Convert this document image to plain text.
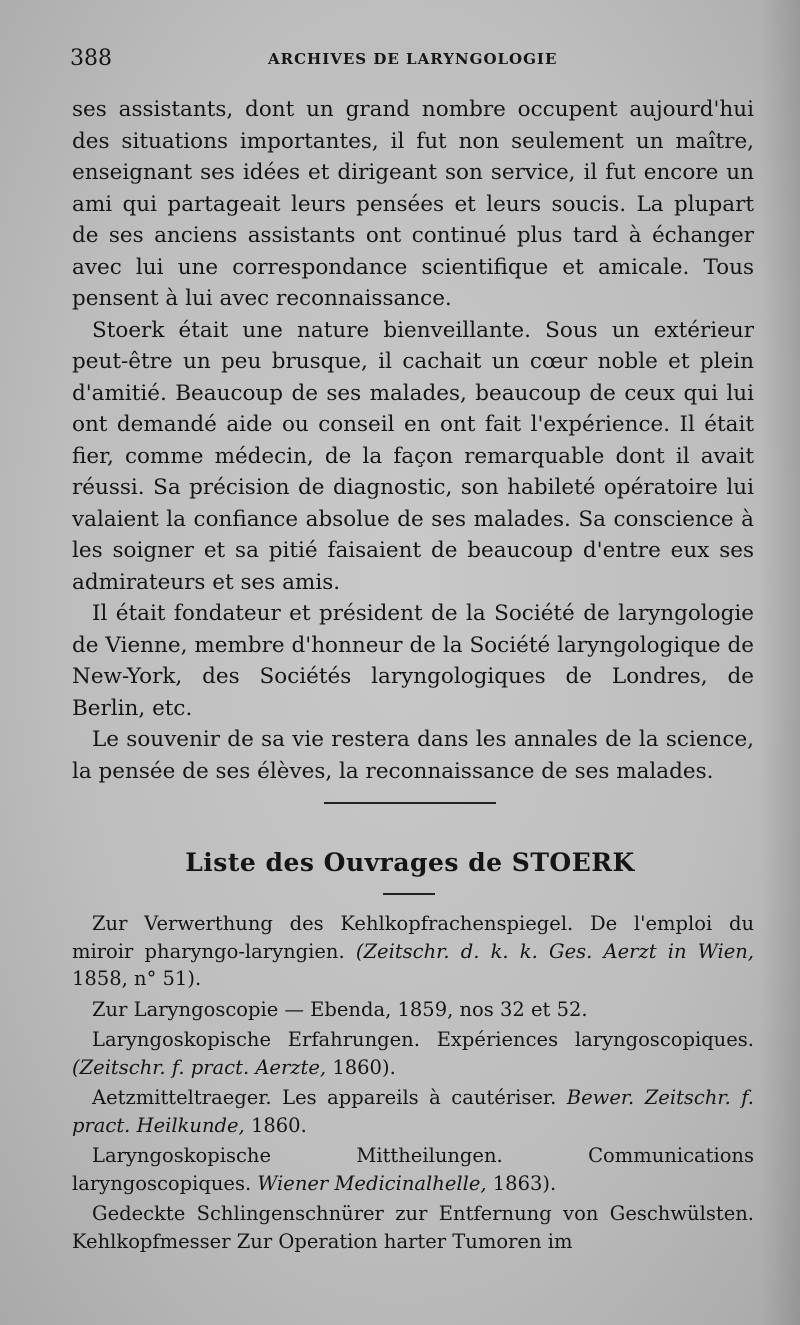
388	ARCHIVES DE LARYNGOLOGIE

ses assistants, dont un grand nombre occupent aujourd'hui des situations importantes, il fut non seulement un maître, enseignant ses idées et dirigeant son service, il fut encore un ami qui partageait leurs pensées et leurs soucis. La plupart de ses anciens assistants ont continué plus tard à échanger avec lui une correspondance scientifique et amicale. Tous pensent à lui avec reconnaissance.

Stoerk était une nature bienveillante. Sous un extérieur peut-être un peu brusque, il cachait un cœur noble et plein d'amitié. Beaucoup de ses malades, beaucoup de ceux qui lui ont demandé aide ou conseil en ont fait l'expérience. Il était fier, comme médecin, de la façon remarquable dont il avait réussi. Sa précision de diagnostic, son habileté opératoire lui valaient la confiance absolue de ses malades. Sa conscience à les soigner et sa pitié faisaient de beaucoup d'entre eux ses admirateurs et ses amis.

Il était fondateur et président de la Société de laryngologie de Vienne, membre d'honneur de la Société laryngologique de New-York, des Sociétés laryngologiques de Londres, de Berlin, etc.

Le souvenir de sa vie restera dans les annales de la science, la pensée de ses élèves, la reconnaissance de ses malades.

Liste des Ouvrages de STOERK

Zur Verwerthung des Kehlkopfrachenspiegel. De l'emploi du miroir pharyngo-laryngien. (Zeitschr. d. k. k. Ges. Aerzt in Wien, 1858, n° 51).

Zur Laryngoscopie — Ebenda, 1859, nos 32 et 52.

Laryngoskopische Erfahrungen. Expériences laryngoscopiques. (Zeitschr. f. pract. Aerzte, 1860).

Aetzmitteltraeger. Les appareils à cautériser. Bewer. Zeitschr. f. pract. Heilkunde, 1860.

Laryngoskopische Mittheilungen. Communications laryngoscopiques. Wiener Medicinalhelle, 1863).

Gedeckte Schlingenschnürer zur Entfernung von Geschwülsten. Kehlkopfmesser Zur Operation harter Tumoren im
